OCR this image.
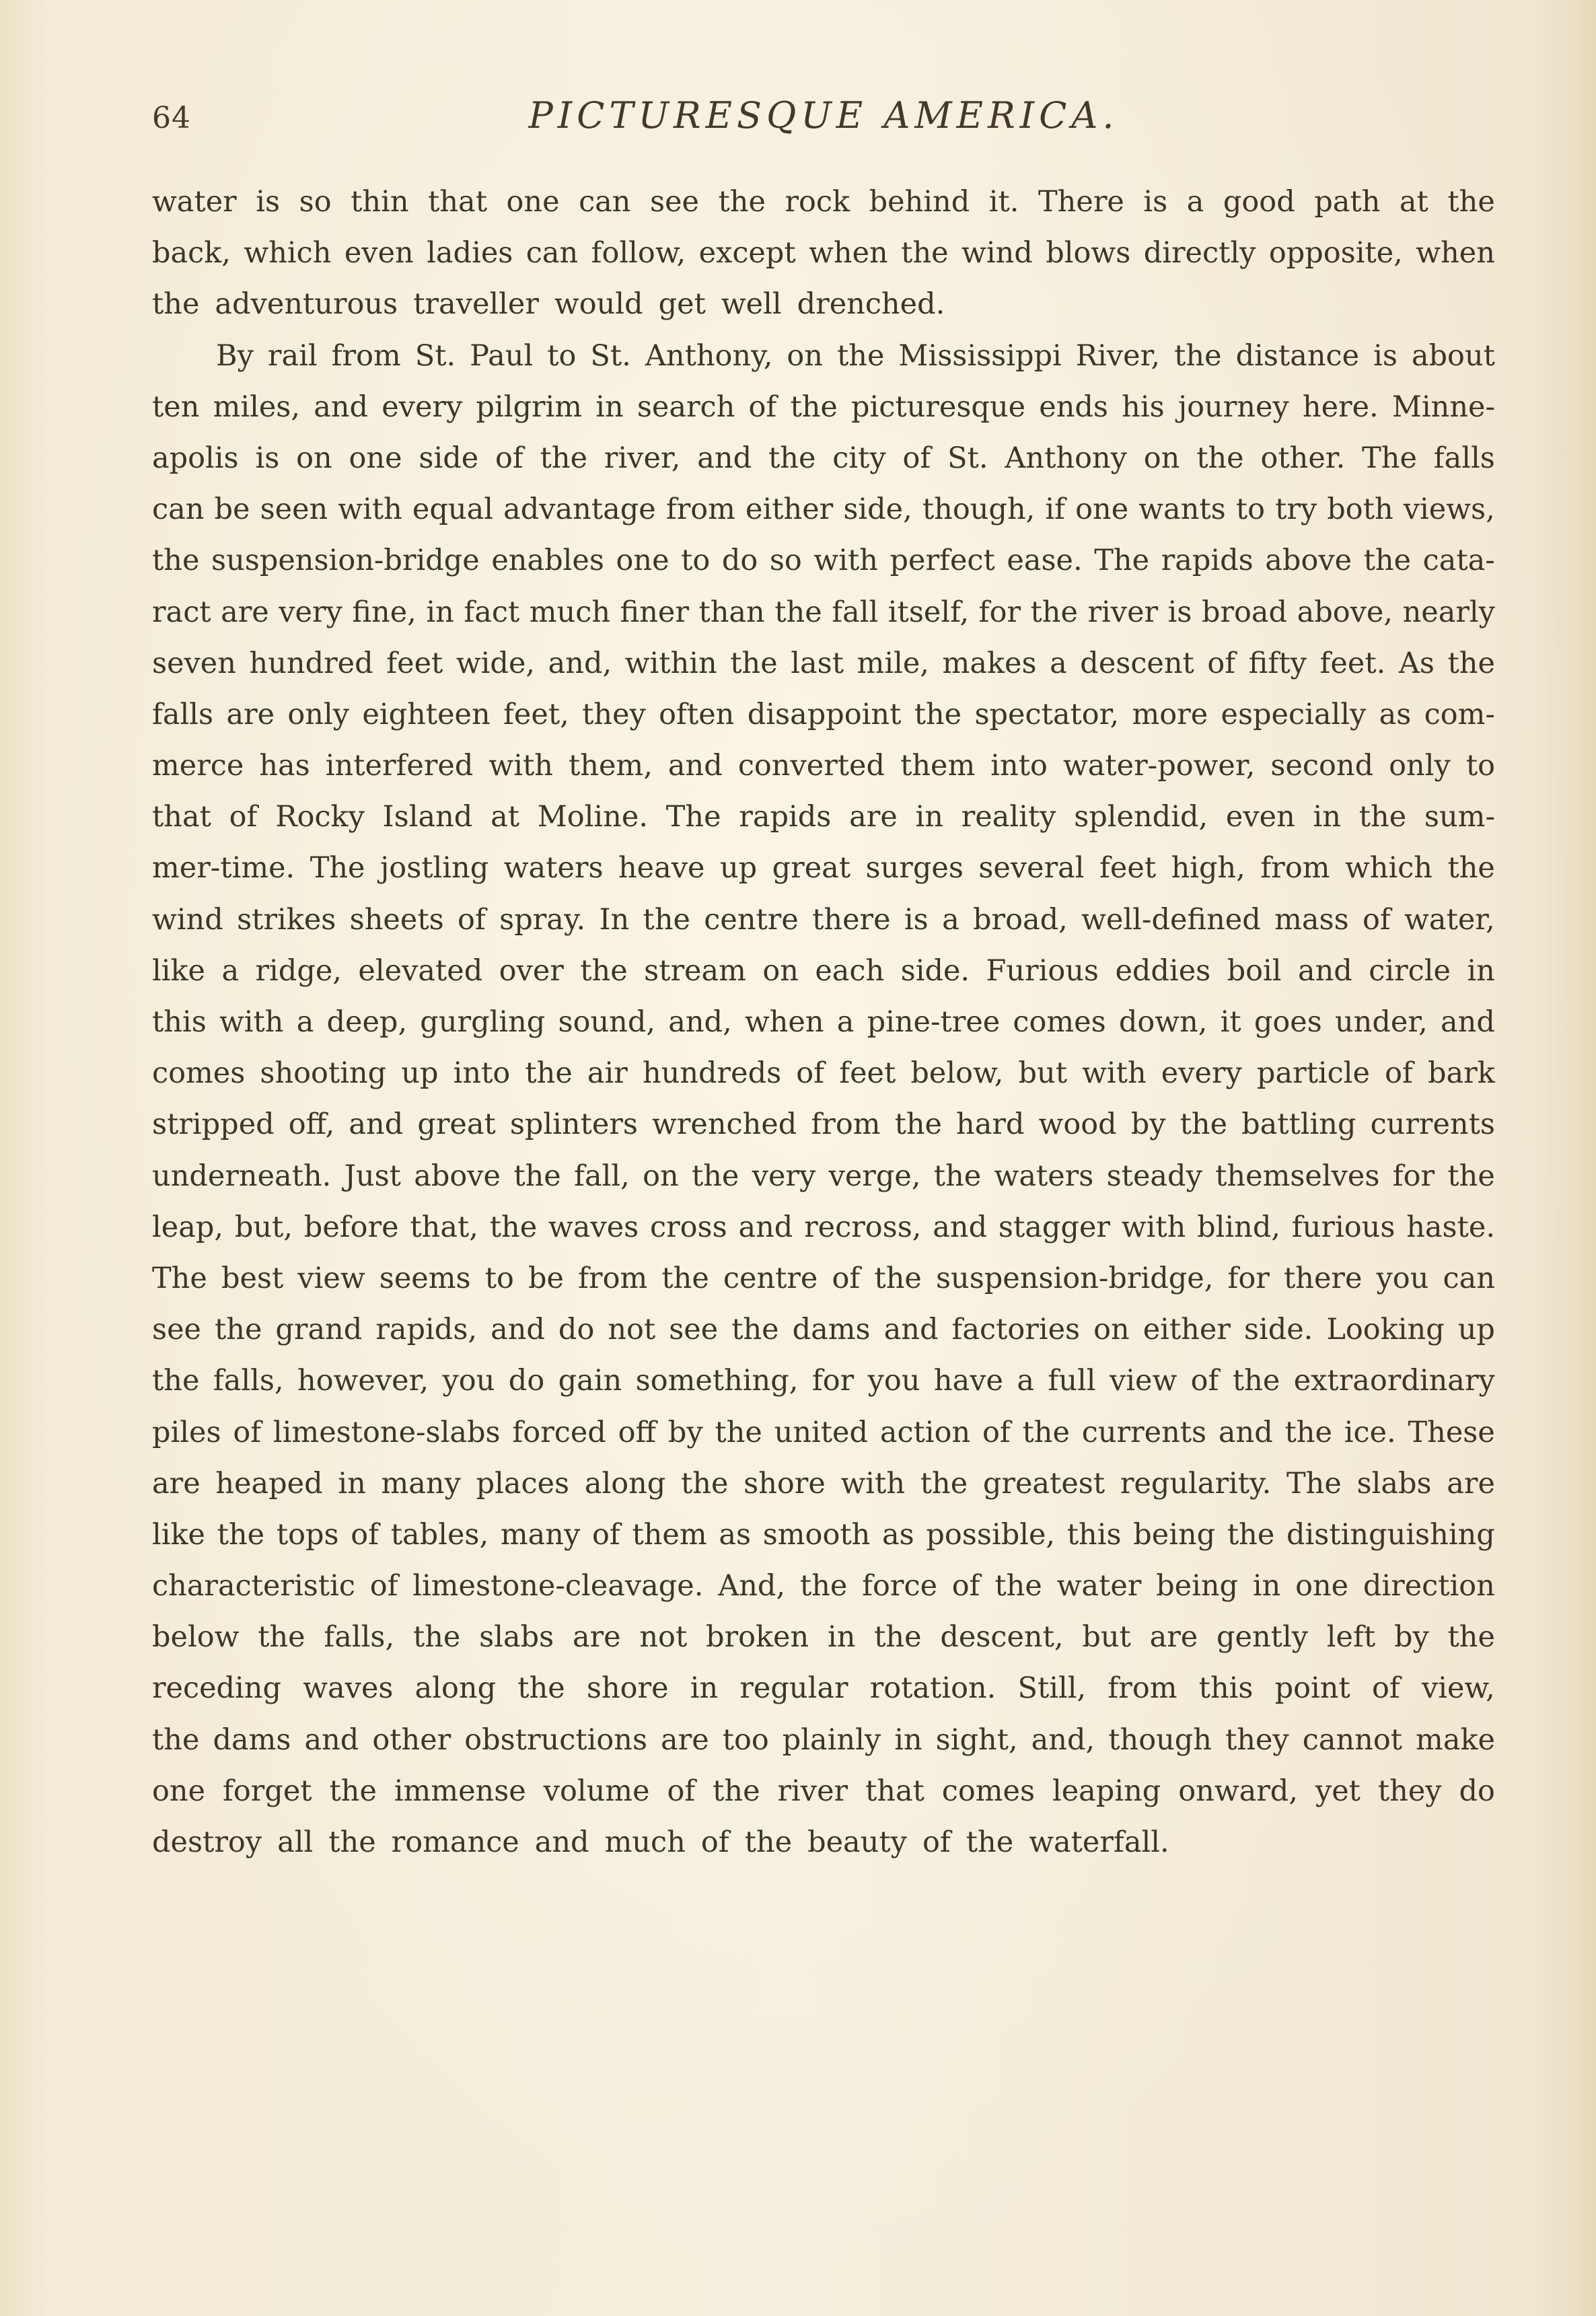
64	PICTURESQUE AMERICA.
water is so thin that one can see the rock behind it. There is a good path at the
back, which even ladies can follow, except when the wind blows directly opposite, when
the adventurous traveller would get well drenched.
By rail from St. Paul to St. Anthony, on the Mississippi River, the distance is about
ten miles, and every pilgrim in search of the picturesque ends his journey here. Minne-
apolis is on one side of the river, and the city of St. Anthony on the other. The falls
can be seen with equal advantage from either side, though, if one wants to try both views,
the suspension-bridge enables one to do so with perfect ease. The rapids above the cata-
ract are very fine, in fact much finer than the fall itself, for the river is broad above, nearly
seven hundred feet wide, and, within the last mile, makes a descent of fifty feet. As the
falls are only eighteen feet, they often disappoint the spectator, more especially as com-
merce has interfered with them, and converted them into water-power, second only to
that of Rocky Island at Moline. The rapids are in reality splendid, even in the sum-
mer-time. The jostling waters heave up great surges several feet high, from which the
wind strikes sheets of spray. In the centre there is a broad, well-defined mass of water,
like a ridge, elevated over the stream on each side. Furious eddies boil and circle in
this with a deep, gurgling sound, and, when a pine-tree comes down, it goes under, and
comes shooting up into the air hundreds of feet below, but with every particle of bark
stripped off, and great splinters wrenched from the hard wood by the battling currents
underneath. Just above the fall, on the very verge, the waters steady themselves for the
leap, but, before that, the waves cross and recross, and stagger with blind, furious haste.
The best view seems to be from the centre of the suspension-bridge, for there you can
see the grand rapids, and do not see the dams and factories on either side. Looking up
the falls, however, you do gain something, for you have a full view of the extraordinary
piles of limestone-slabs forced off by the united action of the currents and the ice. These
are heaped in many places along the shore with the greatest regularity. The slabs are
like the tops of tables, many of them as smooth as possible, this being the distinguishing
characteristic of limestone-cleavage. And, the force of the water being in one direction
below the falls, the slabs are not broken in the descent, but are gently left by the
receding waves along the shore in regular rotation. Still, from this point of view,
the dams and other obstructions are too plainly in sight, and, though they cannot make
one forget the immense volume of the river that comes leaping onward, yet they do
destroy all the romance and much of the beauty of the waterfall.
